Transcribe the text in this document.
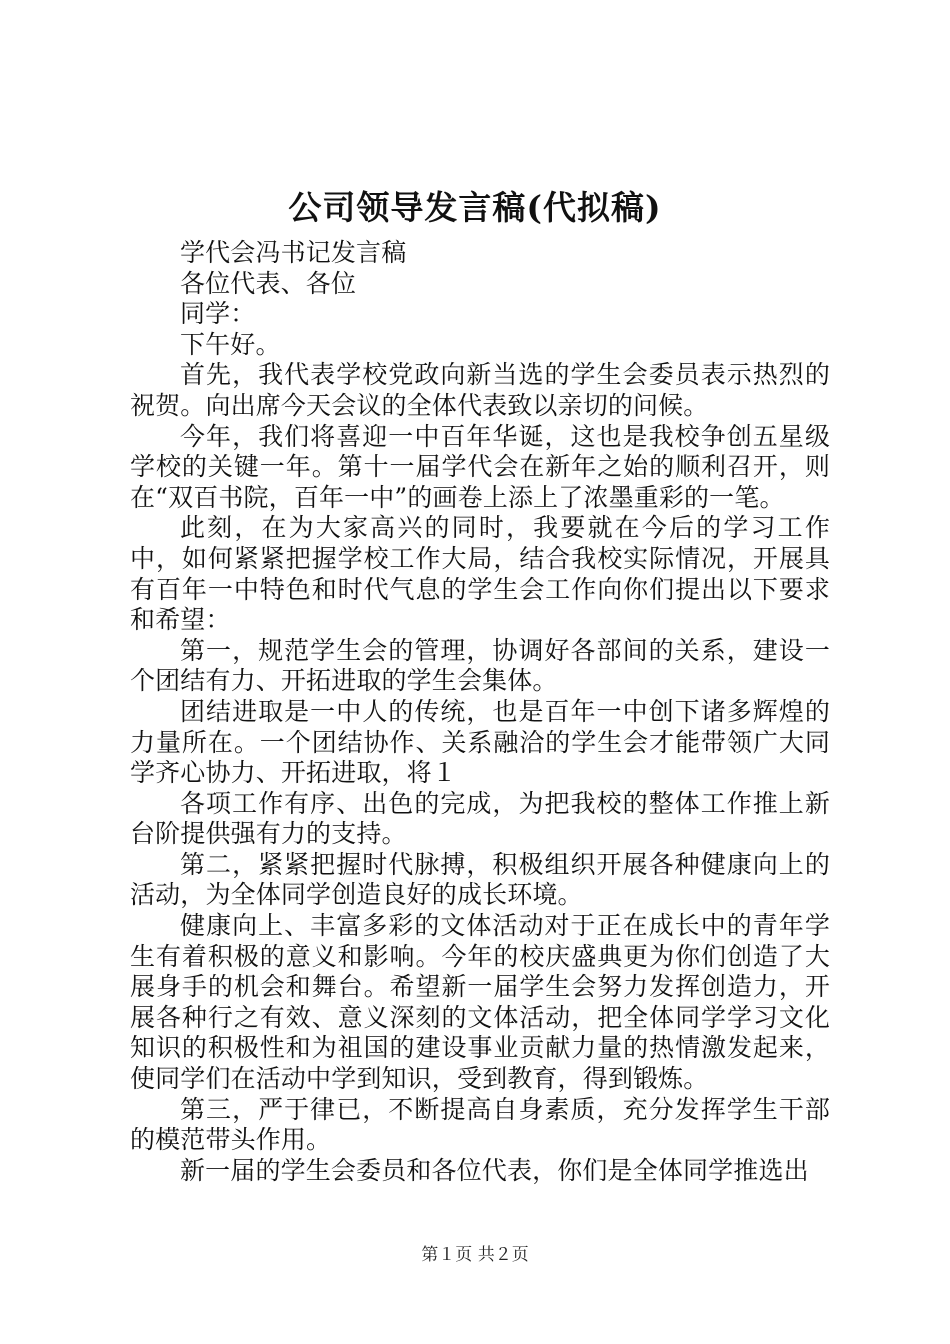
公司领导发言稿(代拟稿)

学代会冯书记发言稿

各位代表、各位

同学：

下午好。

首先，我代表学校党政向新当选的学生会委员表示热烈的祝贺。向出席今天会议的全体代表致以亲切的问候。

今年，我们将喜迎一中百年华诞，这也是我校争创五星级学校的关键一年。第十一届学代会在新年之始的顺利召开，则在“双百书院，百年一中”的画卷上添上了浓墨重彩的一笔。

此刻，在为大家高兴的同时，我要就在今后的学习工作中，如何紧紧把握学校工作大局，结合我校实际情况，开展具有百年一中特色和时代气息的学生会工作向你们提出以下要求和希望：

第一，规范学生会的管理，协调好各部间的关系，建设一个团结有力、开拓进取的学生会集体。

团结进取是一中人的传统，也是百年一中创下诸多辉煌的力量所在。一个团结协作、关系融洽的学生会才能带领广大同学齐心协力、开拓进取，将１

各项工作有序、出色的完成，为把我校的整体工作推上新台阶提供强有力的支持。

第二，紧紧把握时代脉搏，积极组织开展各种健康向上的活动，为全体同学创造良好的成长环境。

健康向上、丰富多彩的文体活动对于正在成长中的青年学生有着积极的意义和影响。今年的校庆盛典更为你们创造了大展身手的机会和舞台。希望新一届学生会努力发挥创造力，开展各种行之有效、意义深刻的文体活动，把全体同学学习文化知识的积极性和为祖国的建设事业贡献力量的热情激发起来，使同学们在活动中学到知识，受到教育，得到锻炼。

第三，严于律已，不断提高自身素质，充分发挥学生干部的模范带头作用。

新一届的学生会委员和各位代表，你们是全体同学推选出

第１页 共２页
